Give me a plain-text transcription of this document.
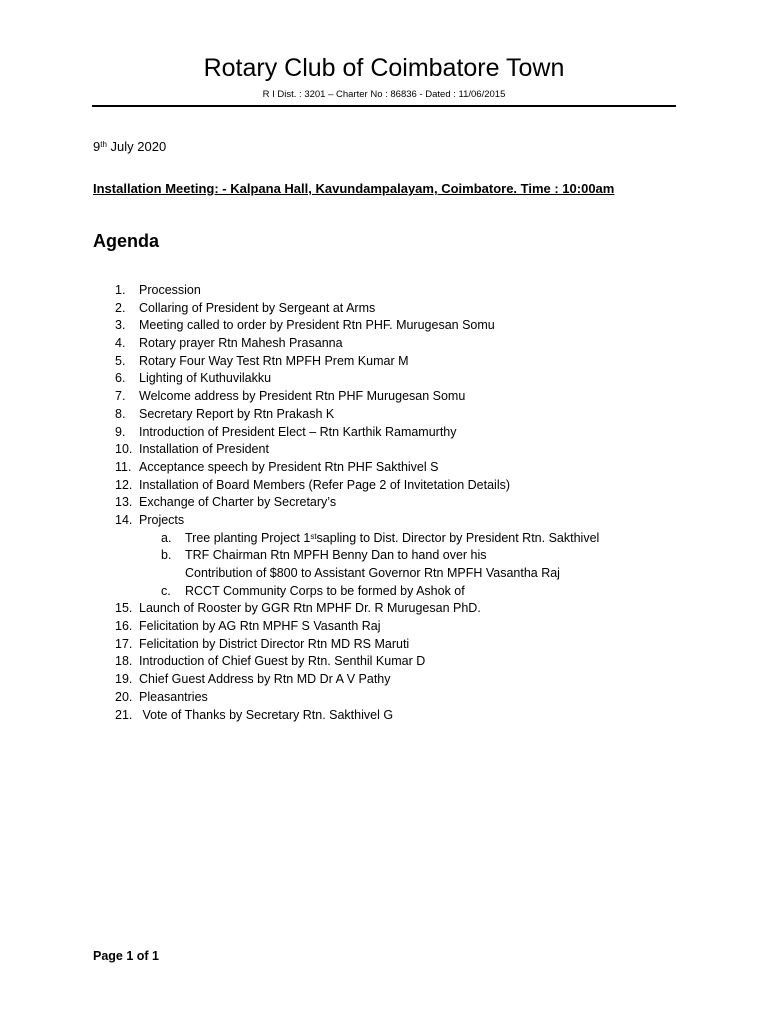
Rotary Club of Coimbatore Town
R I Dist. : 3201 – Charter No : 86836 - Dated : 11/06/2015
9th July 2020
Installation Meeting: - Kalpana Hall, Kavundampalayam, Coimbatore. Time : 10:00am
Agenda
1.	Procession
2.	Collaring of President by Sergeant at Arms
3.	Meeting called to order by President Rtn PHF. Murugesan Somu
4.	Rotary prayer Rtn Mahesh Prasanna
5.	Rotary Four Way Test Rtn MPFH Prem Kumar M
6.	Lighting of Kuthuvilakku
7.	Welcome address by President Rtn PHF Murugesan Somu
8.	Secretary Report by Rtn Prakash K
9.	Introduction of President Elect – Rtn Karthik Ramamurthy
10. Installation of President
11. Acceptance speech by President Rtn PHF Sakthivel S
12. Installation of Board Members (Refer Page 2 of Invitetation Details)
13. Exchange of Charter by Secretary’s
14. Projects
a.	Tree planting Project 1st sapling to Dist. Director by President Rtn. Sakthivel
b.	TRF Chairman Rtn MPFH Benny Dan to hand over his
Contribution of $800 to Assistant Governor Rtn MPFH Vasantha Raj
c.	RCCT Community Corps to be formed by Ashok of
15. Launch of Rooster by GGR Rtn MPHF Dr. R Murugesan PhD.
16. Felicitation by AG Rtn MPHF S Vasanth Raj
17. Felicitation by District Director Rtn MD RS Maruti
18. Introduction of Chief Guest by Rtn. Senthil Kumar D
19. Chief Guest Address by Rtn MD Dr A V Pathy
20. Pleasantries
21. Vote of Thanks by Secretary Rtn. Sakthivel G
Page 1 of 1
